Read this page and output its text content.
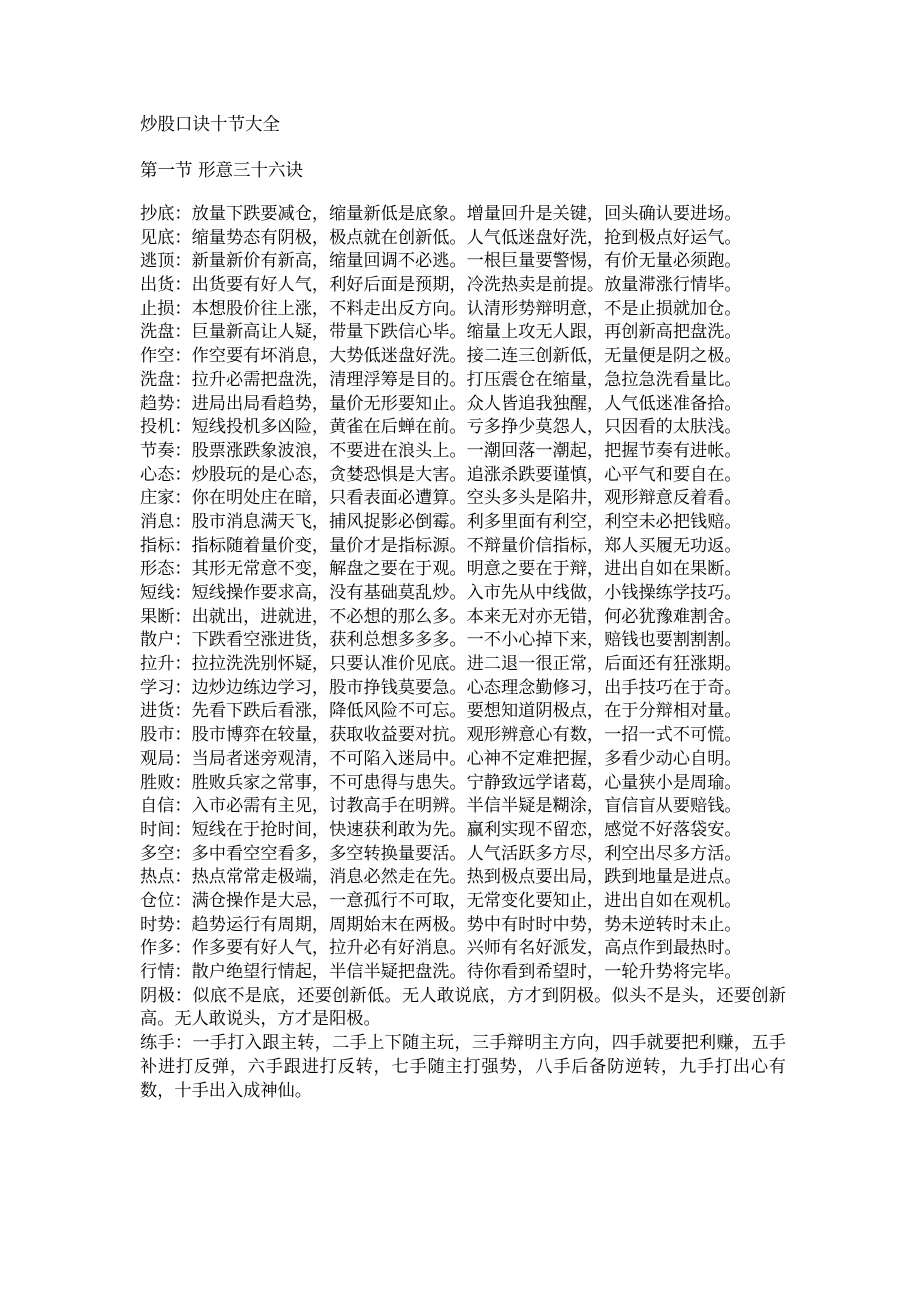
炒股口诀十节大全
第一节 形意三十六诀
抄底：放量下跌要减仓，缩量新低是底象。增量回升是关键，回头确认要进场。
见底：缩量势态有阴极，极点就在创新低。人气低迷盘好洗，抢到极点好运气。
逃顶：新量新价有新高，缩量回调不必逃。一根巨量要警惕，有价无量必须跑。
出货：出货要有好人气，利好后面是预期，冷洗热卖是前提。放量滞涨行情毕。
止损：本想股价往上涨，不料走出反方向。认清形势辩明意，不是止损就加仓。
洗盘：巨量新高让人疑，带量下跌信心毕。缩量上攻无人跟，再创新高把盘洗。
作空：作空要有坏消息，大势低迷盘好洗。接二连三创新低，无量便是阴之极。
洗盘：拉升必需把盘洗，清理浮筹是目的。打压震仓在缩量，急拉急洗看量比。
趋势：进局出局看趋势，量价无形要知止。众人皆追我独醒，人气低迷准备拾。
投机：短线投机多凶险，黄雀在后蝉在前。亏多挣少莫怨人，只因看的太肤浅。
节奏：股票涨跌象波浪，不要进在浪头上。一潮回落一潮起，把握节奏有进帐。
心态：炒股玩的是心态，贪婪恐惧是大害。追涨杀跌要谨慎，心平气和要自在。
庄家：你在明处庄在暗，只看表面必遭算。空头多头是陷井，观形辩意反着看。
消息：股市消息满天飞，捕风捉影必倒霉。利多里面有利空，利空未必把钱赔。
指标：指标随着量价变，量价才是指标源。不辩量价信指标，郑人买履无功返。
形态：其形无常意不变，解盘之要在于观。明意之要在于辩，进出自如在果断。
短线：短线操作要求高，没有基础莫乱炒。入市先从中线做，小钱操练学技巧。
果断：出就出，进就进，不必想的那么多。本来无对亦无错，何必犹豫难割舍。
散户：下跌看空涨进货，获利总想多多多。一不小心掉下来，赔钱也要割割割。
拉升：拉拉洗洗别怀疑，只要认准价见底。进二退一很正常，后面还有狂涨期。
学习：边炒边练边学习，股市挣钱莫要急。心态理念勤修习，出手技巧在于奇。
进货：先看下跌后看涨，降低风险不可忘。要想知道阴极点，在于分辩相对量。
股市：股市博弈在较量，获取收益要对抗。观形辨意心有数，一招一式不可慌。
观局：当局者迷旁观清，不可陷入迷局中。心神不定难把握，多看少动心自明。
胜败：胜败兵家之常事，不可患得与患失。宁静致远学诸葛，心量狭小是周瑜。
自信：入市必需有主见，讨教高手在明辨。半信半疑是糊涂，盲信盲从要赔钱。
时间：短线在于抢时间，快速获利敢为先。赢利实现不留恋，感觉不好落袋安。
多空：多中看空空看多，多空转换量要活。人气活跃多方尽，利空出尽多方活。
热点：热点常常走极端，消息必然走在先。热到极点要出局，跌到地量是进点。
仓位：满仓操作是大忌，一意孤行不可取，无常变化要知止，进出自如在观机。
时势：趋势运行有周期，周期始末在两极。势中有时时中势，势未逆转时未止。
作多：作多要有好人气，拉升必有好消息。兴师有名好派发，高点作到最热时。
行情：散户绝望行情起，半信半疑把盘洗。待你看到希望时，一轮升势将完毕。
阴极：似底不是底，还要创新低。无人敢说底，方才到阴极。似头不是头，还要创新高。无人敢说头，方才是阳极。
练手：一手打入跟主转，二手上下随主玩，三手辩明主方向，四手就要把利赚，五手补进打反弹，六手跟进打反转，七手随主打强势，八手后备防逆转，九手打出心有数，十手出入成神仙。
